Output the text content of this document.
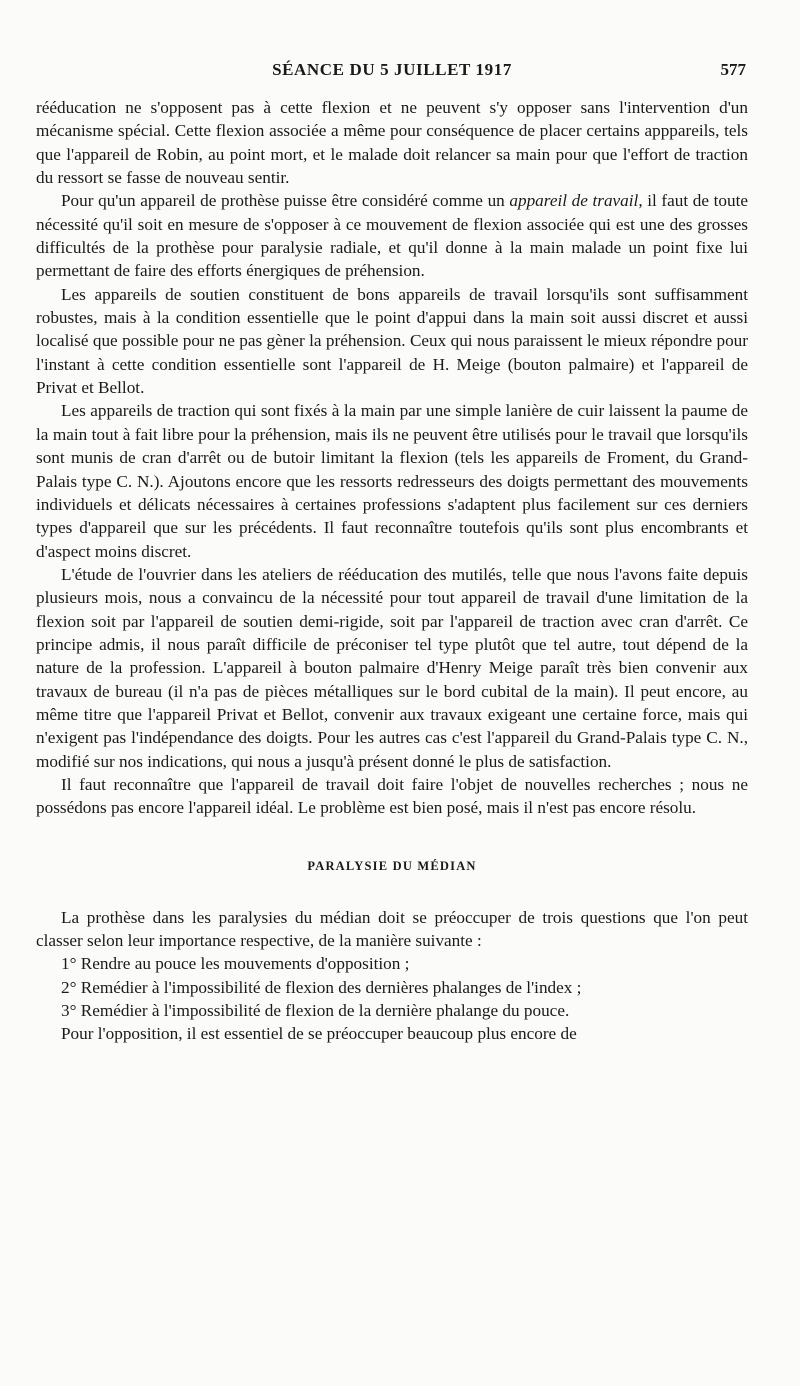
SÉANCE DU 5 JUILLET 1917	577

rééducation ne s'opposent pas à cette flexion et ne peuvent s'y opposer sans l'intervention d'un mécanisme spécial. Cette flexion associée a même pour conséquence de placer certains apppareils, tels que l'appareil de Robin, au point mort, et le malade doit relancer sa main pour que l'effort de traction du ressort se fasse de nouveau sentir.

Pour qu'un appareil de prothèse puisse être considéré comme un appareil de travail, il faut de toute nécessité qu'il soit en mesure de s'opposer à ce mouvement de flexion associée qui est une des grosses difficultés de la prothèse pour paralysie radiale, et qu'il donne à la main malade un point fixe lui permettant de faire des efforts énergiques de préhension.

Les appareils de soutien constituent de bons appareils de travail lorsqu'ils sont suffisamment robustes, mais à la condition essentielle que le point d'appui dans la main soit aussi discret et aussi localisé que possible pour ne pas gèner la préhension. Ceux qui nous paraissent le mieux répondre pour l'instant à cette condition essentielle sont l'appareil de H. Meige (bouton palmaire) et l'appareil de Privat et Bellot.

Les appareils de traction qui sont fixés à la main par une simple lanière de cuir laissent la paume de la main tout à fait libre pour la préhension, mais ils ne peuvent être utilisés pour le travail que lorsqu'ils sont munis de cran d'arrêt ou de butoir limitant la flexion (tels les appareils de Froment, du Grand-Palais type C. N.). Ajoutons encore que les ressorts redresseurs des doigts permettant des mouvements individuels et délicats nécessaires à certaines professions s'adaptent plus facilement sur ces derniers types d'appareil que sur les précédents. Il faut reconnaître toutefois qu'ils sont plus encombrants et d'aspect moins discret.

L'étude de l'ouvrier dans les ateliers de rééducation des mutilés, telle que nous l'avons faite depuis plusieurs mois, nous a convaincu de la nécessité pour tout appareil de travail d'une limitation de la flexion soit par l'appareil de soutien demi-rigide, soit par l'appareil de traction avec cran d'arrêt. Ce principe admis, il nous paraît difficile de préconiser tel type plutôt que tel autre, tout dépend de la nature de la profession. L'appareil à bouton palmaire d'Henry Meige paraît très bien convenir aux travaux de bureau (il n'a pas de pièces métalliques sur le bord cubital de la main). Il peut encore, au même titre que l'appareil Privat et Bellot, convenir aux travaux exigeant une certaine force, mais qui n'exigent pas l'indépendance des doigts. Pour les autres cas c'est l'appareil du Grand-Palais type C. N., modifié sur nos indications, qui nous a jusqu'à présent donné le plus de satisfaction.

Il faut reconnaître que l'appareil de travail doit faire l'objet de nouvelles recherches ; nous ne possédons pas encore l'appareil idéal. Le problème est bien posé, mais il n'est pas encore résolu.

PARALYSIE DU MÉDIAN

La prothèse dans les paralysies du médian doit se préoccuper de trois questions que l'on peut classer selon leur importance respective, de la manière suivante :

1° Rendre au pouce les mouvements d'opposition ;
2° Remédier à l'impossibilité de flexion des dernières phalanges de l'index ;
3° Remédier à l'impossibilité de flexion de la dernière phalange du pouce.

Pour l'opposition, il est essentiel de se préoccuper beaucoup plus encore de
